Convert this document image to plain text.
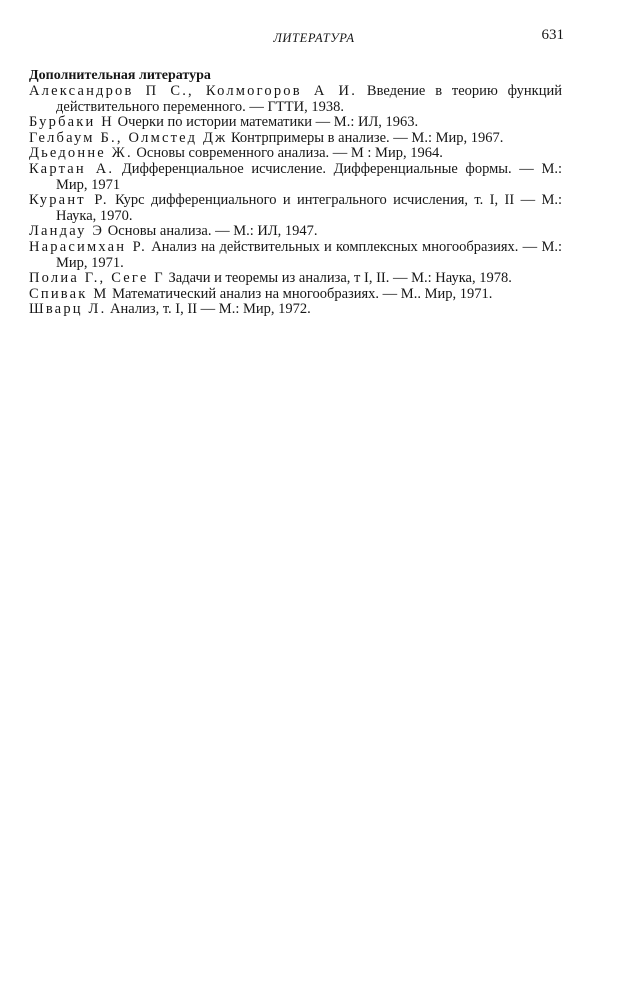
ЛИТЕРАТУРА	631
Дополнительная литература
Александров П С., Колмогоров А И. Введение в теорию функций действительного переменного. — ГТТИ, 1938.
Бурбаки Н Очерки по истории математики — М.: ИЛ, 1963.
Гелбаум Б., Олмстед Дж Контрпримеры в анализе. — М.: Мир, 1967.
Дьедонне Ж. Основы современного анализа. — М : Мир, 1964.
Картан А. Дифференциальное исчисление. Дифференциальные формы. — М.: Мир, 1971
Курант Р. Курс дифференциального и интегрального исчисления, т. I, II — М.: Наука, 1970.
Ландау Э Основы анализа. — М.: ИЛ, 1947.
Нарасимхан Р. Анализ на действительных и комплексных многообразиях. — М.: Мир, 1971.
Полиа Г., Сеге Г Задачи и теоремы из анализа, т I, II. — М.: Наука, 1978.
Спивак М Математический анализ на многообразиях. — М.. Мир, 1971.
Шварц Л. Анализ, т. I, II — М.: Мир, 1972.
